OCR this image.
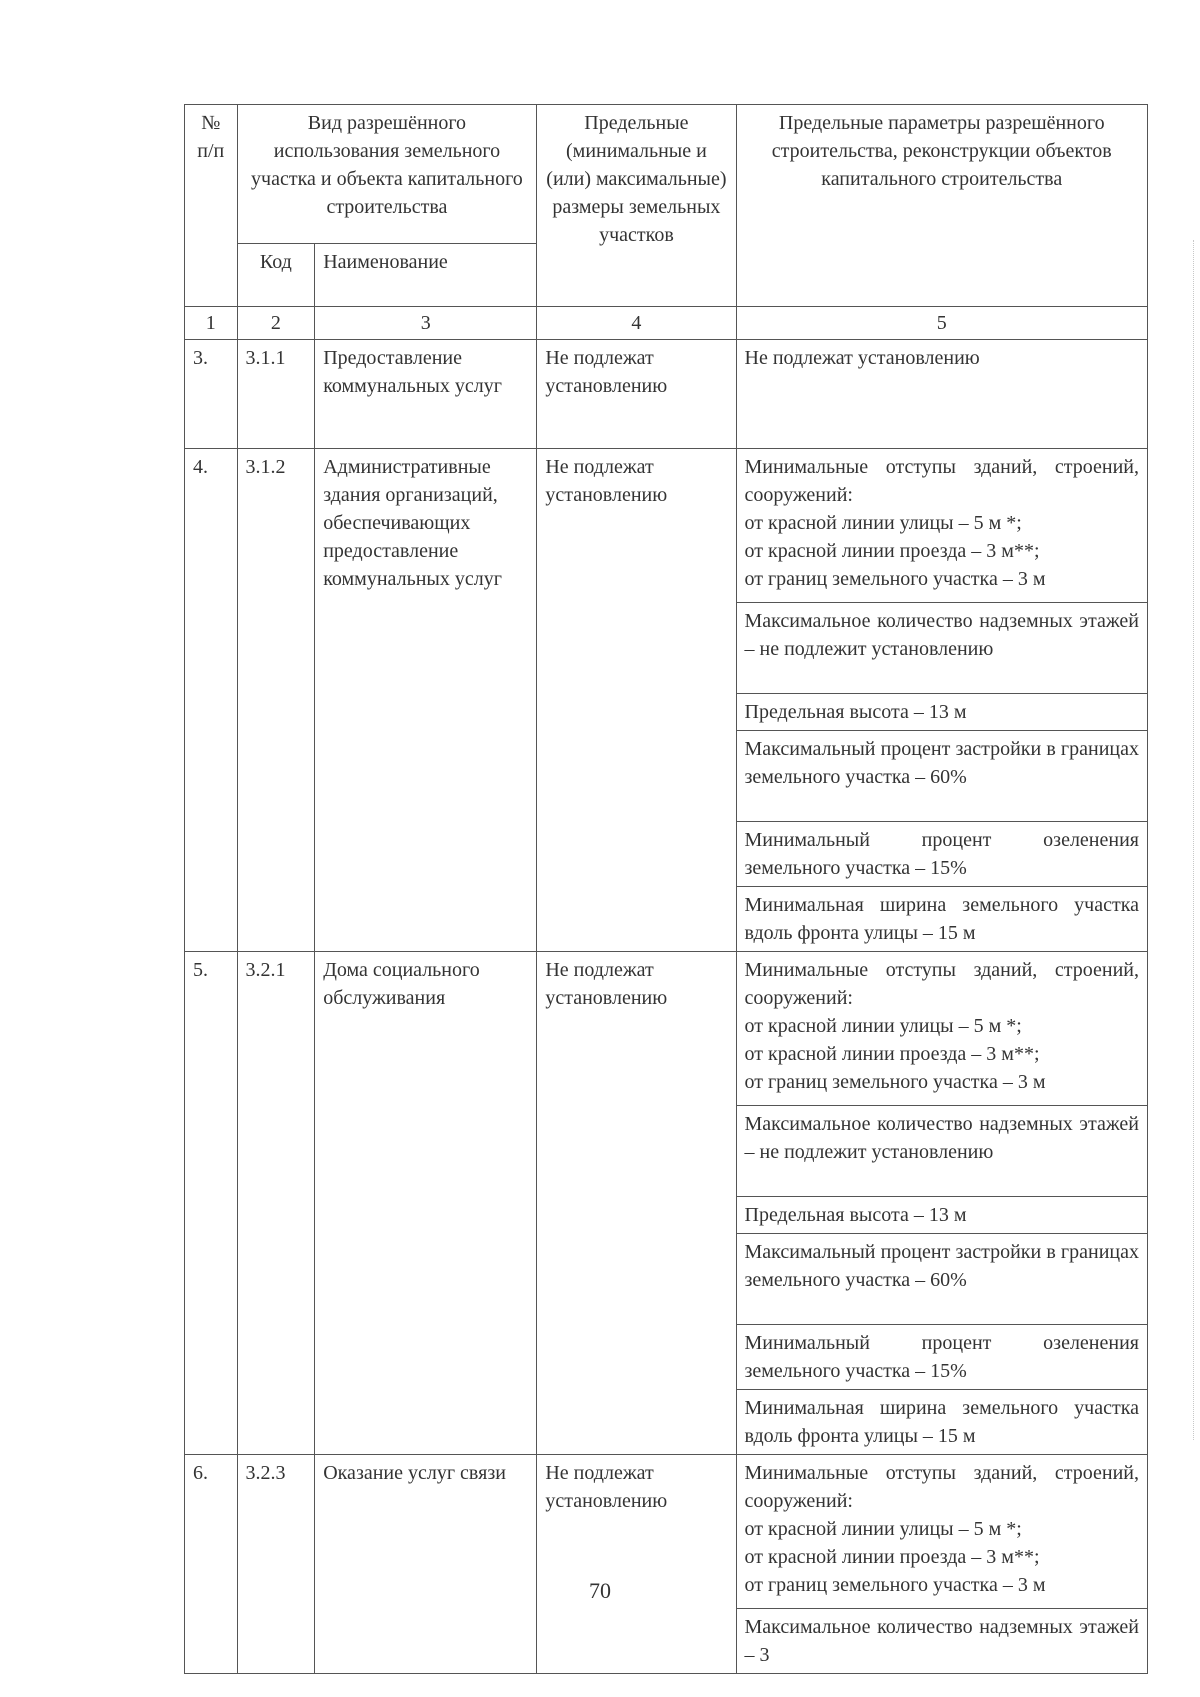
№
п/п	Вид разрешённого использования земельного участка и объекта капитального строительства		Предельные (минимальные и (или) максимальные) размеры земельных участков	Предельные параметры разрешённого строительства, реконструкции объектов капитального строительства
	Код	Наименование		
1	2	3	4	5
3.	3.1.1	Предоставление коммунальных услуг	Не подлежат установлению	Не подлежат установлению
4.	3.1.2	Административные здания организаций, обеспечивающих предоставление коммунальных услуг	Не подлежат установлению	Минимальные отступы зданий, строений, сооружений:
от красной линии улицы – 5 м *;
от красной линии проезда – 3 м**;
от границ земельного участка – 3 м
				Максимальное количество надземных этажей – не подлежит установлению
				Предельная высота – 13 м
				Максимальный процент застройки в границах земельного участка – 60%
				Минимальный процент озеленения земельного участка – 15%
				Минимальная ширина земельного участка вдоль фронта улицы – 15 м
5.	3.2.1	Дома социального обслуживания	Не подлежат установлению	Минимальные отступы зданий, строений, сооружений:
от красной линии улицы – 5 м *;
от красной линии проезда – 3 м**;
от границ земельного участка – 3 м
				Максимальное количество надземных этажей – не подлежит установлению
				Предельная высота – 13 м
				Максимальный процент застройки в границах земельного участка – 60%
				Минимальный процент озеленения земельного участка – 15%
				Минимальная ширина земельного участка вдоль фронта улицы – 15 м
6.	3.2.3	Оказание услуг связи	Не подлежат установлению	Минимальные отступы зданий, строений, сооружений:
от красной линии улицы – 5 м *;
от красной линии проезда – 3 м**;
от границ земельного участка – 3 м
				Максимальное количество надземных этажей – 3
70
